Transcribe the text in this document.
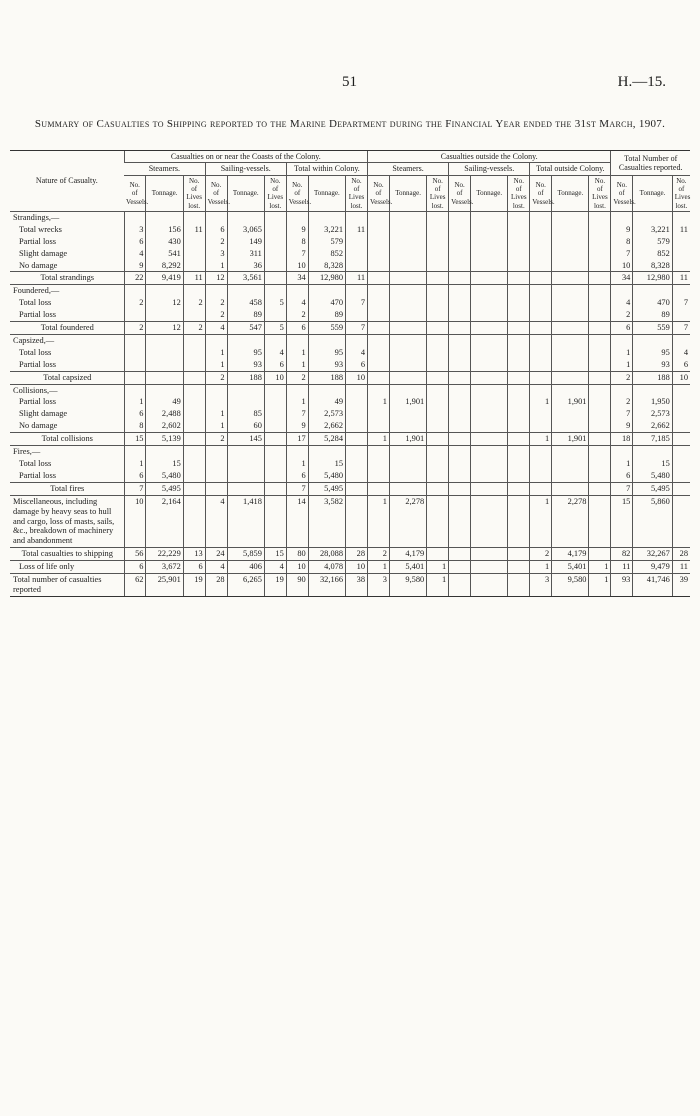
51	H.—15.
Summary of Casualties to Shipping reported to the Marine Department during the Financial Year ended the 31st March, 1907.
Nature of Casualty.	Casualties on or near the Coasts of the Colony.									Casualties outside the Colony.									Total Number of Casualties reported.		
	Steamers.			Sailing-vessels.			Total within Colony.			Steamers.			Sailing-vessels.			Total outside Colony.					
	No. of Vessels.	Tonnage.	No. of Lives lost.	No. of Vessels.	Tonnage.	No. of Lives lost.	No. of Vessels.	Tonnage.	No. of Lives lost.	No. of Vessels.	Tonnage.	No. of Lives lost.	No. of Vessels.	Tonnage.	No. of Lives lost.	No. of Vessels.	Tonnage.	No. of Lives lost.	No. of Vessels.	Tonnage.	No. of Lives lost.
Strandings,—																					

Total wrecks	3	156	11	6	3,065		9	3,221	11										9	3,221	11

Partial loss	6	430		2	149		8	579											8	579	

Slight damage	4	541		3	311		7	852											7	852	

No damage	9	8,292		1	36		10	8,328											10	8,328	
Total strandings	22	9,419	11	12	3,561		34	12,980	11										34	12,980	11
Foundered,—																					

Total loss	2	12	2	2	458	5	4	470	7										4	470	7

Partial loss				2	89		2	89											2	89	
Total foundered	2	12	2	4	547	5	6	559	7										6	559	7
Capsized,—																					

Total loss				1	95	4	1	95	4										1	95	4

Partial loss				1	93	6	1	93	6										1	93	6
Total capsized				2	188	10	2	188	10										2	188	10
Collisions,—																					

Partial loss	1	49					1	49		1	1,901					1	1,901		2	1,950	

Slight damage	6	2,488		1	85		7	2,573											7	2,573	

No damage	8	2,602		1	60		9	2,662											9	2,662	
Total collisions	15	5,139		2	145		17	5,284		1	1,901					1	1,901		18	7,185	
Fires,—																					

Total loss	1	15					1	15											1	15	

Partial loss	6	5,480					6	5,480											6	5,480	
Total fires	7	5,495					7	5,495											7	5,495	
Miscellaneous, including damage by heavy seas to hull and cargo, loss of masts, sails, &c., breakdown of machinery and abandonment	10	2,164		4	1,418		14	3,582		1	2,278					1	2,278		15	5,860	
Total casualties to shipping	56	22,229	13	24	5,859	15	80	28,088	28	2	4,179					2	4,179		82	32,267	28

Loss of life only	6	3,672	6	4	406	4	10	4,078	10	1	5,401	1				1	5,401	1	11	9,479	11
Total number of casualties reported	62	25,901	19	28	6,265	19	90	32,166	38	3	9,580	1				3	9,580	1	93	41,746	39
